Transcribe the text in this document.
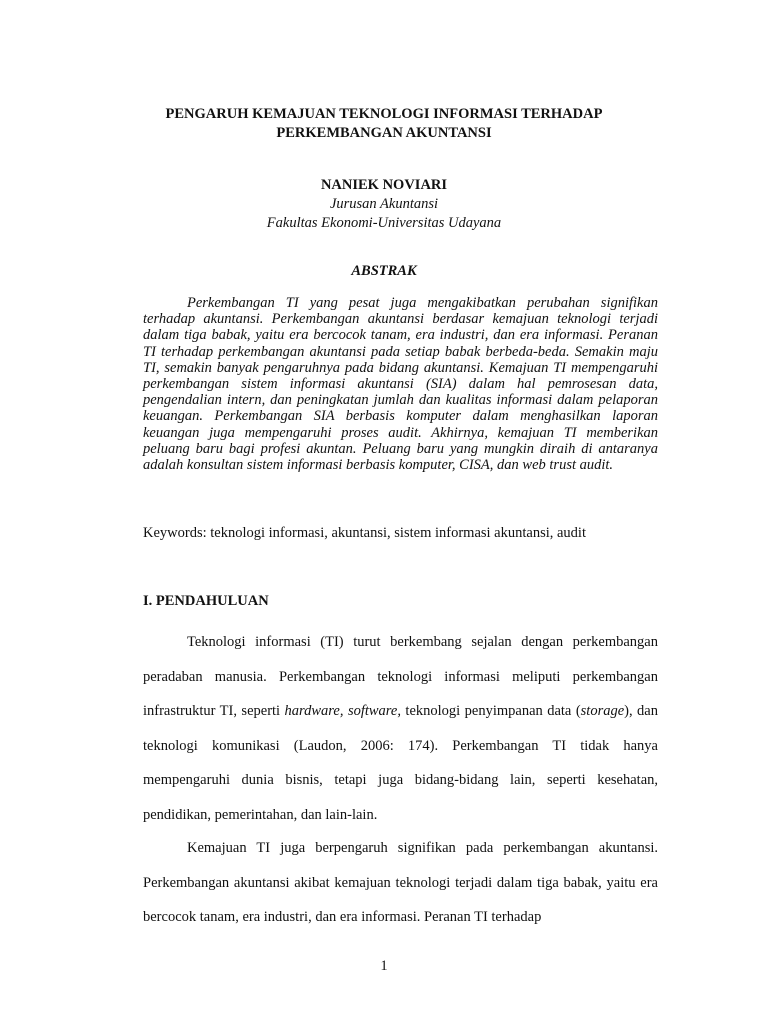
PENGARUH KEMAJUAN TEKNOLOGI INFORMASI TERHADAP
PERKEMBANGAN AKUNTANSI
NANIEK NOVIARI
Jurusan Akuntansi
Fakultas Ekonomi-Universitas Udayana
ABSTRAK

Perkembangan TI yang pesat juga mengakibatkan perubahan signifikan terhadap akuntansi. Perkembangan akuntansi berdasar kemajuan teknologi terjadi dalam tiga babak, yaitu era bercocok tanam, era industri, dan era informasi. Peranan TI terhadap perkembangan akuntansi pada setiap babak berbeda-beda. Semakin maju TI, semakin banyak pengaruhnya pada bidang akuntansi. Kemajuan TI mempengaruhi perkembangan sistem informasi akuntansi (SIA) dalam hal pemrosesan data, pengendalian intern, dan peningkatan jumlah dan kualitas informasi dalam pelaporan keuangan. Perkembangan SIA berbasis komputer dalam menghasilkan laporan keuangan juga mempengaruhi proses audit. Akhirnya, kemajuan TI memberikan peluang baru bagi profesi akuntan. Peluang baru yang mungkin diraih di antaranya adalah konsultan sistem informasi berbasis komputer, CISA, dan web trust audit.

Keywords: teknologi informasi, akuntansi, sistem informasi akuntansi, audit

I. PENDAHULUAN

Teknologi informasi (TI) turut berkembang sejalan dengan perkembangan peradaban manusia. Perkembangan teknologi informasi meliputi perkembangan infrastruktur TI, seperti hardware, software, teknologi penyimpanan data (storage), dan teknologi komunikasi (Laudon, 2006: 174). Perkembangan TI tidak hanya mempengaruhi dunia bisnis, tetapi juga bidang-bidang lain, seperti kesehatan, pendidikan, pemerintahan, dan lain-lain.

Kemajuan TI juga berpengaruh signifikan pada perkembangan akuntansi. Perkembangan akuntansi akibat kemajuan teknologi terjadi dalam tiga babak, yaitu era bercocok tanam, era industri, dan era informasi. Peranan TI terhadap

1
